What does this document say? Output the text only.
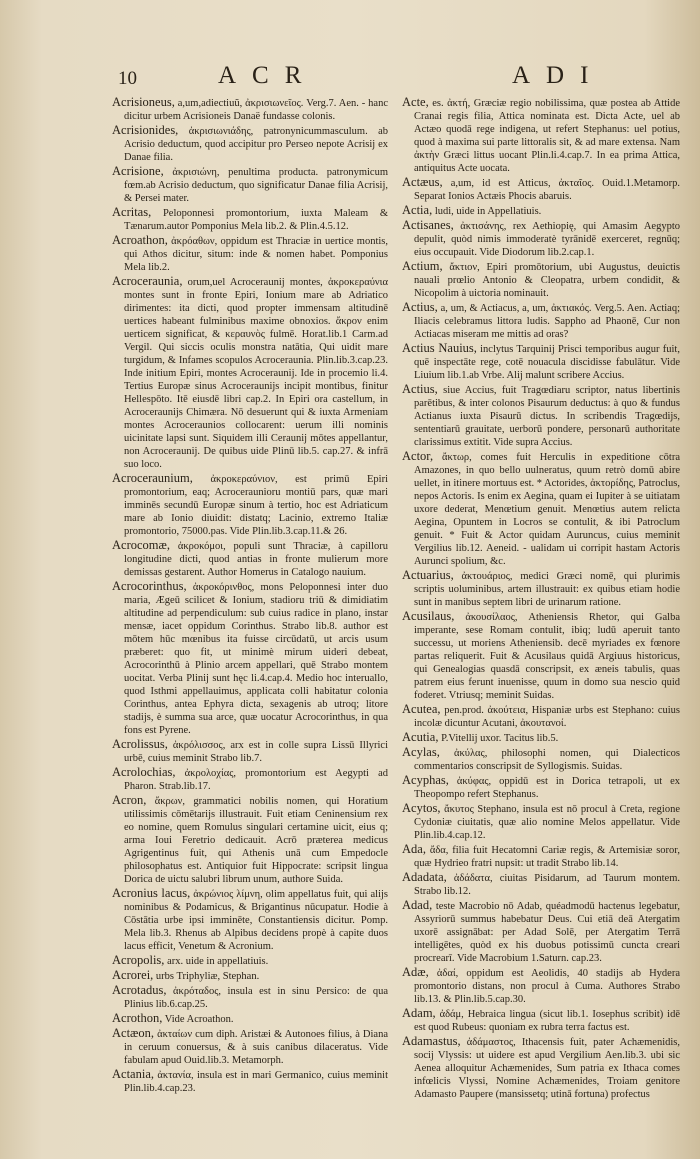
10	ACR	ADI

Acrisioneus, a,um,adiectiuũ, ἀκρισιωνεῖος. Verg.7. Aen. - hanc dicitur urbem Acrisioneis Danaë fundasse colonis.

Acrisionides, ἀκρισιωνιάδης, patronynicummasculum. ab Acrisio deductum, quod accipitur pro Perseo nepote Acrisij ex Danae filia.

Acrisione, ἀκρισιώνη, penultima producta. patronymicum fœm.ab Acrisio deductum, quo significatur Danae filia Acrisij, & Persei mater.

Acritas, Peloponnesi promontorium, iuxta Maleam & Tænarum.autor Pomponius Mela lib.2. & Plin.4.5.12.

Acroathon, ἀκρόαθων, oppidum est Thraciæ in uertice montis, qui Athos dicitur, situm: inde & nomen habet. Pomponius Mela lib.2.

Acroceraunia, orum,uel Acroceraunij montes, ἀκροκεραύνια montes sunt in fronte Epiri, Ionium mare ab Adriatico dirimentes: ita dicti, quod propter immensam altitudinē uertices habeant fulminibus maxime obnoxios. ἄκρον enim uerticem significat, & κεραυνὸς fulmē. Horat.lib.1 Carm.ad Vergil. Qui siccis oculis monstra natātia, Qui uidit mare turgidum, & Infames scopulos Acroceraunia. Plin.lib.3.cap.23. Inde initium Epiri, montes Acroceraunij. Ide in procemio li.4. Tertius Europæ sinus Acroceraunijs incipit montibus, finitur Hellespōto. Itē eiusdē libri cap.2. In Epiri ora castellum, in Acroceraunijs Chimæra. Nō desuerunt qui & iuxta Armeniam montes Acroceraunios collocarent: uerum illi nominis uicinitate lapsi sunt. Siquidem illi Ceraunij mōtes appellantur, non Acroceraunij. De quibus uide Plinū lib.5. cap.27. & infrā suo loco.

Acroceraunium, ἀκροκεραύνιον, est primū Epiri promontorium, eaq; Acroceraunioru montiū pars, quæ mari imminēs secundū Europæ sinum à tertio, hoc est Adriaticum mare ab Ionio diuidit: distatq; Lacinio, extremo Italiæ promontorio, 75000.pas. Vide Plin.lib.3.cap.11.& 26.

Acrocomæ, ἀκροκόμοι, populi sunt Thraciæ, à capilloru longitudine dicti, quod antias in fronte mulierum more demissas gestarent. Author Homerus in Catalogo nauium.

Acrocorinthus, ἀκροκόρινθος, mons Peloponnesi inter duo maria, Ægeū scilicet & Ionium, stadioru triū & dimidiatim altitudine ad perpendiculum: sub cuius radice in plano, instar mensæ, iacet oppidum Corinthus. Strabo lib.8. author est mōtem hūc mœnibus ita fuisse circūdatū, ut arcis usum præberet: quo fit, ut minimè mirum uideri debeat, Acrocorinthū à Plinio arcem appellari, quē Strabo montem uocitat. Verba Plinij sunt hęc li.4.cap.4. Medio hoc interuallo, quod Isthmi appellauimus, applicata colli habitatur colonia Corinthus, antea Ephyra dicta, sexagenis ab utroq; litore stadijs, è summa sua arce, quæ uocatur Acrocorinthus, in qua fons est Pyrene.

Acrolissus, ἀκρόλισσος, arx est in colle supra Lissū Illyrici urbē, cuius meminit Strabo lib.7.

Acrolochias, ἀκρολοχίας, promontorium est Aegypti ad Pharon. Strab.lib.17.

Acron, ἄκρων, grammatici nobilis nomen, qui Horatium utilissimis cōmētarijs illustrauit. Fuit etiam Ceninensium rex eo nomine, quem Romulus singulari certamine uicit, eius q; arma Ioui Feretrio dedicauit. Acrō præterea medicus Agrigentinus fuit, qui Athenis unā cum Empedocle philosophatus est. Antiquior fuit Hippocrate: scripsit lingua Dorica de uictu salubri librum unum, authore Suida.

Acronius lacus, ἀκρώνιος λίμνη, olim appellatus fuit, qui alijs nominibus & Podamicus, & Brigantinus nūcupatur. Hodie à Cōstātia urbe ipsi imminēte, Constantiensis dicitur. Pomp. Mela lib.3. Rhenus ab Alpibus decidens propè à capite duos lacus efficit, Venetum & Acronium.

Acropolis, arx. uide in appellatiuis.

Acrorei, urbs Triphyliæ, Stephan.

Acrotadus, ἀκρόταδος, insula est in sinu Persico: de qua Plinius lib.6.cap.25.

Acrothon, Vide Acroathon.

Actæon, ἀκταίων cum diph. Aristæi & Autonoes filius, à Diana in ceruum conuersus, & à suis canibus dilaceratus. Vide fabulam apud Ouid.lib.3. Metamorph.

Actania, ἀκτανία, insula est in mari Germanico, cuius meminit Plin.lib.4.cap.23.

Acte, es. ἀκτή, Græciæ regio nobilissima, quæ postea ab Attide Cranai regis filia, Attica nominata est. Dicta Acte, uel ab Actæo quodā rege indigena, ut refert Stephanus: uel potius, quod à maxima sui parte littoralis sit, & ad mare extensa. Nam ἀκτὴν Græci littus uocant Plin.li.4.cap.7. In ea prima Attica, antiquitus Acte uocata.

Actæus, a,um, id est Atticus, ἀκταῖος. Ouid.1.Metamorp. Separat Ionios Actæis Phocis abaruis.

Actia, ludi, uide in Appellatiuis.

Actisanes, ἀκτισάνης, rex Aethiopię, qui Amasim Aegypto depulit, quòd nimis immoderatè tyrānidē exerceret, regnūq; eius occupauit. Vide Diodorum lib.2.cap.1.

Actium, ἄκτιον, Epiri promōtorium, ubi Augustus, deuictis nauali prœlio Antonio & Cleopatra, urbem condidit, & Nicopolim à uictoria nominauit.

Actius, a, um, & Actiacus, a, um, ἀκτιακός. Verg.5. Aen. Actiaq; Iliacis celebramus littora ludis. Sappho ad Phaonē, Cur non Actiacas miseram me mittis ad oras?

Actius Nauius, inclytus Tarquinij Prisci temporibus augur fuit, quē inspectāte rege, cotē nouacula discidisse fabulātur. Vide Liuium lib.1.ab Vrbe. Alij malunt scribere Accius.

Actius, siue Accius, fuit Tragœdiaru scriptor, natus libertinis parētibus, & inter colonos Pisaurum deductus: à quo & fundus Actianus iuxta Pisaurū dictus. In scribendis Tragœdijs, sententiarū grauitate, uerborū pondere, personarū authoritate clarissimus extitit. Vide supra Accius.

Actor, ἄκτωρ, comes fuit Herculis in expeditione cōtra Amazones, in quo bello uulneratus, quum retrò domū abire uellet, in itinere mortuus est. * Actorides, ἀκτορίδης, Patroclus, nepos Actoris. Is enim ex Aegina, quam ei Iupiter à se uitiatam uxore dederat, Menœtium genuit. Menœtius autem relicta Aegina, Opuntem in Locros se contulit, & ibi Patroclum genuit. * Fuit & Actor quidam Auruncus, cuius meminit Vergilius lib.12. Aeneid. - ualidam ui corripit hastam Actoris Aurunci spolium, &c.

Actuarius, ἀκτουάριος, medici Græci nomē, qui plurimis scriptis uoluminibus, artem illustrauit: ex quibus etiam hodie sunt in manibus septem libri de urinarum ratione.

Acusilaus, ἀκουσίλαος, Atheniensis Rhetor, qui Galba imperante, sese Romam contulit, ibiq; ludū aperuit tanto successu, ut moriens Atheniensib. decē myriades ex fœnore partas reliquerit. Fuit & Acusilaus quidā Argiuus historicus, qui Genealogias quasdā conscripsit, ex æneis tabulis, quas patrem eius ferunt inuenisse, quum in domo sua nescio quid foderet. Vtriusq; meminit Suidas.

Acutea, pen.prod. ἀκούτεια, Hispaniæ urbs est Stephano: cuius incolæ dicuntur Acutani, ἀκουτανοί.

Acutia, P.Vitellij uxor. Tacitus lib.5.

Acylas, ἀκύλας, philosophi nomen, qui Dialecticos commentarios conscripsit de Syllogismis. Suidas.

Acyphas, ἀκύφας, oppidū est in Dorica tetrapoli, ut ex Theopompo refert Stephanus.

Acytos, ἄκυτος Stephano, insula est nō procul à Creta, regione Cydoniæ ciuitatis, quæ alio nomine Melos appellatur. Vide Plin.lib.4.cap.12.

Ada, ἄδα, filia fuit Hecatomni Cariæ regis, & Artemisiæ soror, quæ Hydrieo fratri nupsit: ut tradit Strabo lib.14.

Adadata, ἀδάδατα, ciuitas Pisidarum, ad Taurum montem. Strabo lib.12.

Adad, teste Macrobio nō Adab, quéadmodū hactenus legebatur, Assyriorū summus habebatur Deus. Cui etiā deā Atergatim uxorē assignābat: per Adad Solē, per Atergatim Terrā intelligētes, quòd ex his duobus potissimū cuncta creari procrearī. Vide Macrobium 1.Saturn. cap.23.

Adæ, ἀδαί, oppidum est Aeolidis, 40 stadijs ab Hydera promontorio distans, non procul à Cuma. Authores Strabo lib.13. & Plin.lib.5.cap.30.

Adam, ἀδάμ, Hebraica lingua (sicut lib.1. Iosephus scribit) idē est quod Rubeus: quoniam ex rubra terra factus est.

Adamastus, ἀδάμαστος, Ithacensis fuit, pater Achæmenidis, socij Vlyssis: ut uidere est apud Vergilium Aen.lib.3. ubi sic Aenea alloquitur Achæmenides, Sum patria ex Ithaca comes infœlicis Vlyssi, Nomine Achæmenides, Troiam genitore Adamasto Paupere (mansissetq; utinā fortuna) profectus
